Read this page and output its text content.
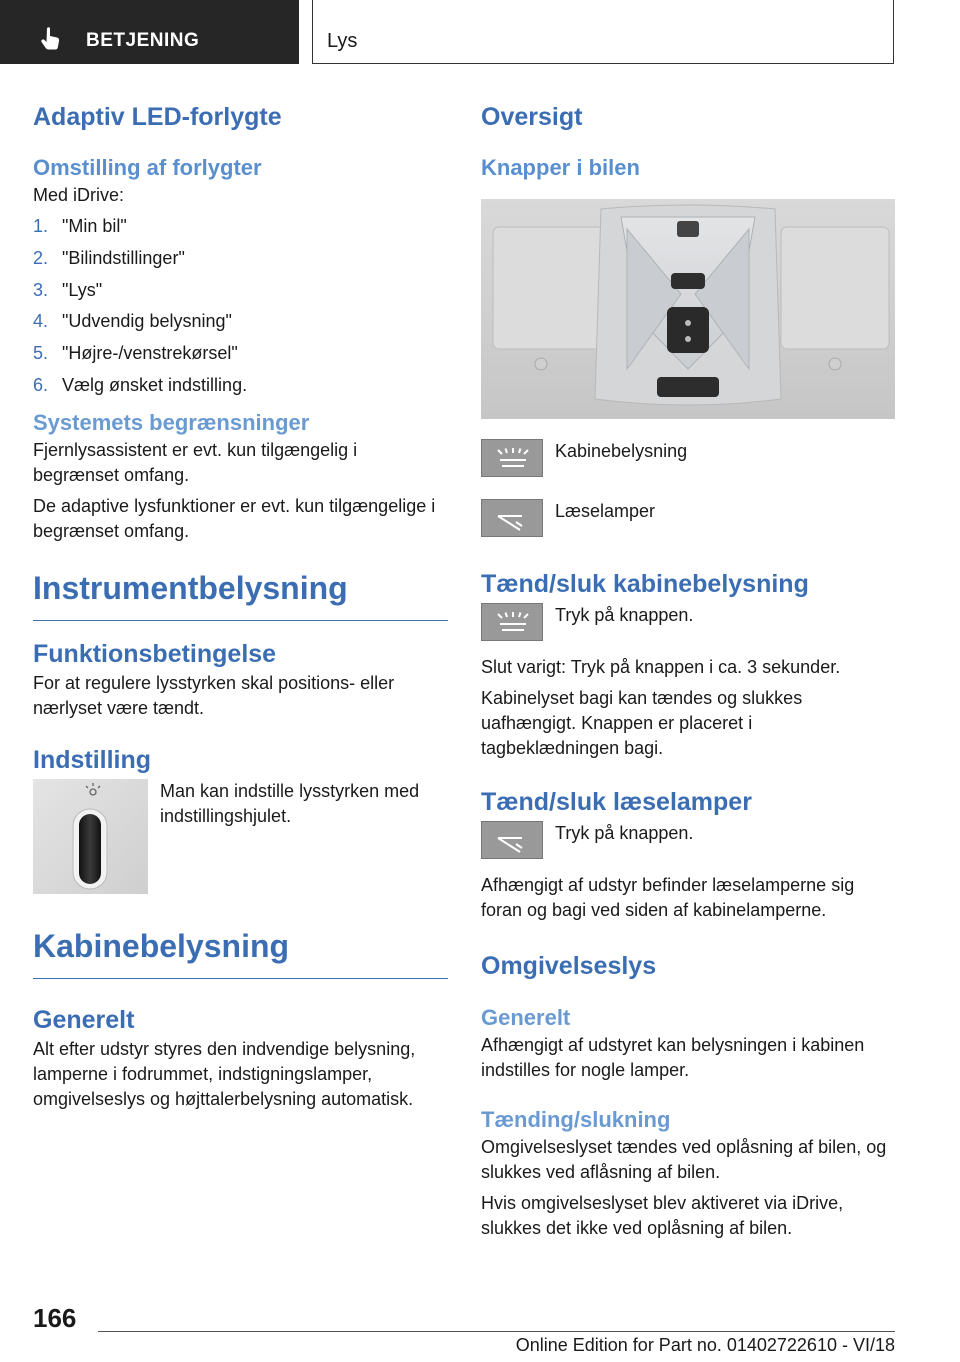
BETJENING	Lys
Adaptiv LED-forlygte
Omstilling af forlygter

Med iDrive:

1. "Min bil"
2. "Bilindstillinger"
3. "Lys"
4. "Udvendig belysning"
5. "Højre-/venstrekørsel"
6. Vælg ønsket indstilling.
Systemets begrænsninger

Fjernlysassistent er evt. kun tilgængelig i begrænset omfang.

De adaptive lysfunktioner er evt. kun tilgængelige i begrænset omfang.

Instrumentbelysning
Funktionsbetingelse

For at regulere lysstyrken skal positions- eller nærlyset være tændt.

Indstilling

Man kan indstille lysstyrken med indstillingshjulet.

Kabinebelysning
Generelt

Alt efter udstyr styres den indvendige belysning, lamperne i fodrummet, indstigningslamper, omgivelseslys og højttalerbelysning automatisk.

Oversigt
Knapper i bilen

Kabinebelysning

Læselamper

Tænd/sluk kabinebelysning

Tryk på knappen.

Slut varigt: Tryk på knappen i ca. 3 sekunder.

Kabinelyset bagi kan tændes og slukkes uafhængigt. Knappen er placeret i tagbeklædningen bagi.

Tænd/sluk læselamper

Tryk på knappen.

Afhængigt af udstyr befinder læselamperne sig foran og bagi ved siden af kabinelamperne.

Omgivelseslys
Generelt

Afhængigt af udstyret kan belysningen i kabinen indstilles for nogle lamper.

Tænding/slukning

Omgivelseslyset tændes ved oplåsning af bilen, og slukkes ved aflåsning af bilen.

Hvis omgivelseslyset blev aktiveret via iDrive, slukkes det ikke ved oplåsning af bilen.

166
Online Edition for Part no. 01402722610 - VI/18
